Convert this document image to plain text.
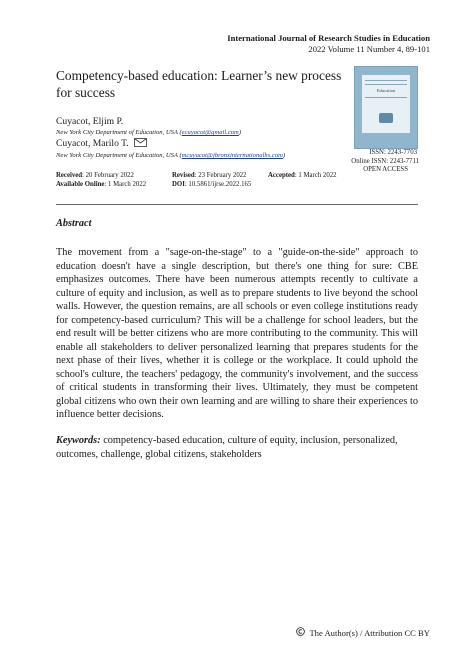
International Journal of Research Studies in Education
2022 Volume 11 Number 4, 89-101
Competency-based education: Learner’s new process for success
Cuyacot, Eljim P.
New York City Department of Education, USA (ecuyacot@gmail.com)
Cuyacot, Marilo T.
New York City Department of Education, USA (mcuyacot@jbronxinternationalhs.com)
Education
ISSN: 2243-7703
Online ISSN: 2243-7711
OPEN ACCESS
Received: 20 February 2022
Available Online: 1 March 2022
Revised: 23 February 2022
DOI: 10.5861/ijrse.2022.165
Accepted: 1 March 2022
Abstract
The movement from a "sage-on-the-stage" to a "guide-on-the-side" approach to education doesn't have a single description, but there's one thing for sure: CBE emphasizes outcomes. There have been numerous attempts recently to cultivate a culture of equity and inclusion, as well as to prepare students to live beyond the school walls. However, the question remains, are all schools or even college institutions ready for competency-based curriculum? This will be a challenge for school leaders, but the end result will be better citizens who are more contributing to the community. This will enable all stakeholders to deliver personalized learning that prepares students for the next phase of their lives, whether it is college or the workplace. It could uphold the school's culture, the teachers' pedagogy, the community's involvement, and the success of critical students in transforming their lives. Ultimately, they must be competent global citizens who own their own learning and are willing to share their experiences to influence better decisions.
Keywords: competency-based education, culture of equity, inclusion, personalized, outcomes, challenge, global citizens, stakeholders
The Author(s) / Attribution CC BY
